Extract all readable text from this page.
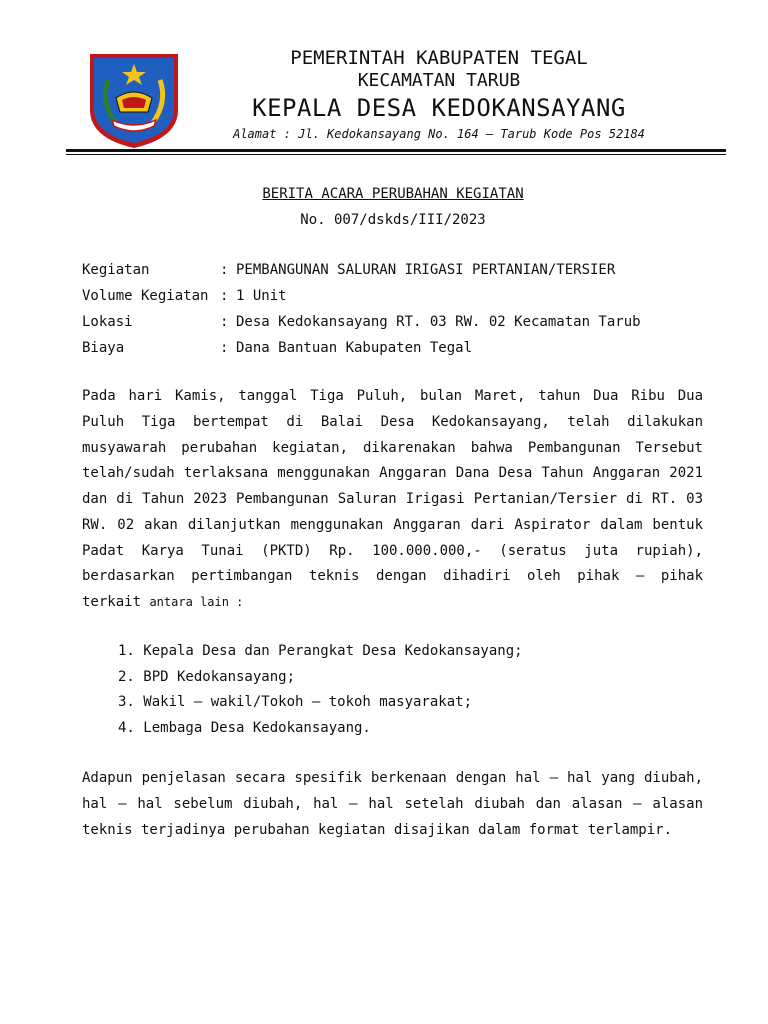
PEMERINTAH KABUPATEN TEGAL
KECAMATAN TARUB
KEPALA DESA KEDOKANSAYANG
Alamat : Jl. Kedokansayang No. 164 – Tarub Kode Pos 52184
BERITA ACARA PERUBAHAN KEGIATAN
No. 007/dskds/III/2023
Kegiatan	: PEMBANGUNAN SALURAN IRIGASI PERTANIAN/TERSIER
Volume Kegiatan : 1 Unit
Lokasi	: Desa Kedokansayang RT. 03 RW. 02 Kecamatan Tarub
Biaya	: Dana Bantuan Kabupaten Tegal
Pada hari Kamis, tanggal Tiga Puluh, bulan Maret, tahun Dua Ribu Dua Puluh Tiga bertempat di Balai Desa Kedokansayang, telah dilakukan musyawarah perubahan kegiatan, dikarenakan bahwa Pembangunan Tersebut telah/sudah terlaksana menggunakan Anggaran Dana Desa Tahun Anggaran 2021 dan di Tahun 2023 Pembangunan Saluran Irigasi Pertanian/Tersier di RT. 03 RW. 02 akan dilanjutkan menggunakan Anggaran dari Aspirator dalam bentuk Padat Karya Tunai (PKTD) Rp. 100.000.000,- (seratus juta rupiah), berdasarkan pertimbangan teknis dengan dihadiri oleh pihak – pihak terkait antara lain :
1. Kepala Desa dan Perangkat Desa Kedokansayang;
2. BPD Kedokansayang;
3. Wakil – wakil/Tokoh – tokoh masyarakat;
4. Lembaga Desa Kedokansayang.
Adapun penjelasan secara spesifik berkenaan dengan hal – hal yang diubah, hal – hal sebelum diubah, hal – hal setelah diubah dan alasan – alasan teknis terjadinya perubahan kegiatan disajikan dalam format terlampir.
